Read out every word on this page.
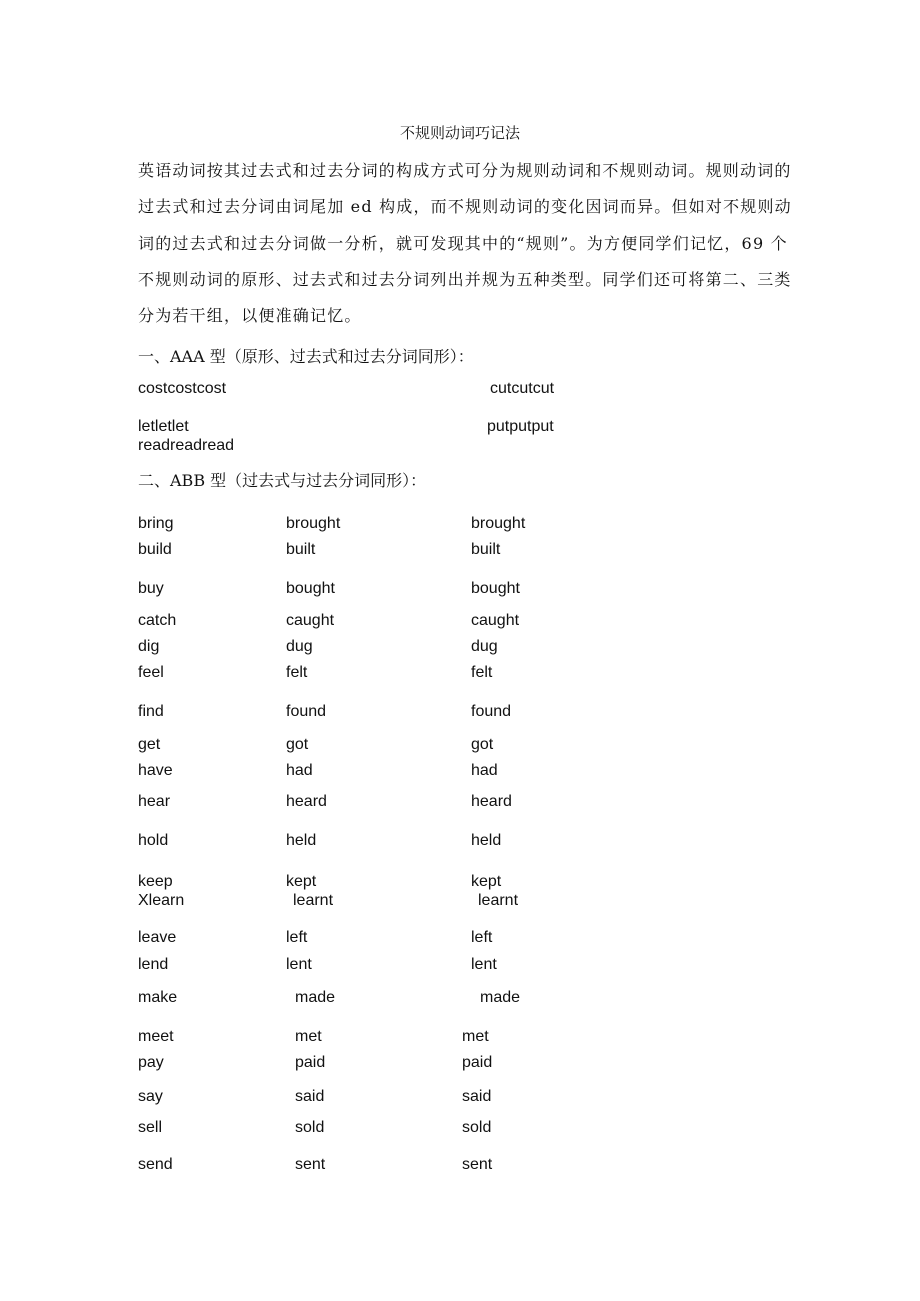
不规则动词巧记法
英语动词按其过去式和过去分词的构成方式可分为规则动词和不规则动词。规则动词的
过去式和过去分词由词尾加 ed 构成，而不规则动词的变化因词而异。但如对不规则动
词的过去式和过去分词做一分析，就可发现其中的“规则”。为方便同学们记忆，69 个
不规则动词的原形、过去式和过去分词列出并规为五种类型。同学们还可将第二、三类
分为若干组，以便准确记忆。
一、AAA 型（原形、过去式和过去分词同形）：
costcostcost	cutcutcut
letletlet	putputput
readreadread
二、ABB 型（过去式与过去分词同形）：
bring	brought	brought
build	built	built
buy	bought	bought
catch	caught	caught
dig	dug	dug
feel	felt	felt
find	found	found
get	got	got
have	had	had
hear	heard	heard
hold	held	held
keep	kept	kept
Xlearn	learnt	learnt
leave	left	left
lend	lent	lent
make	made	made
meet	met	met
pay	paid	paid
say	said	said
sell	sold	sold
send	sent	sent
